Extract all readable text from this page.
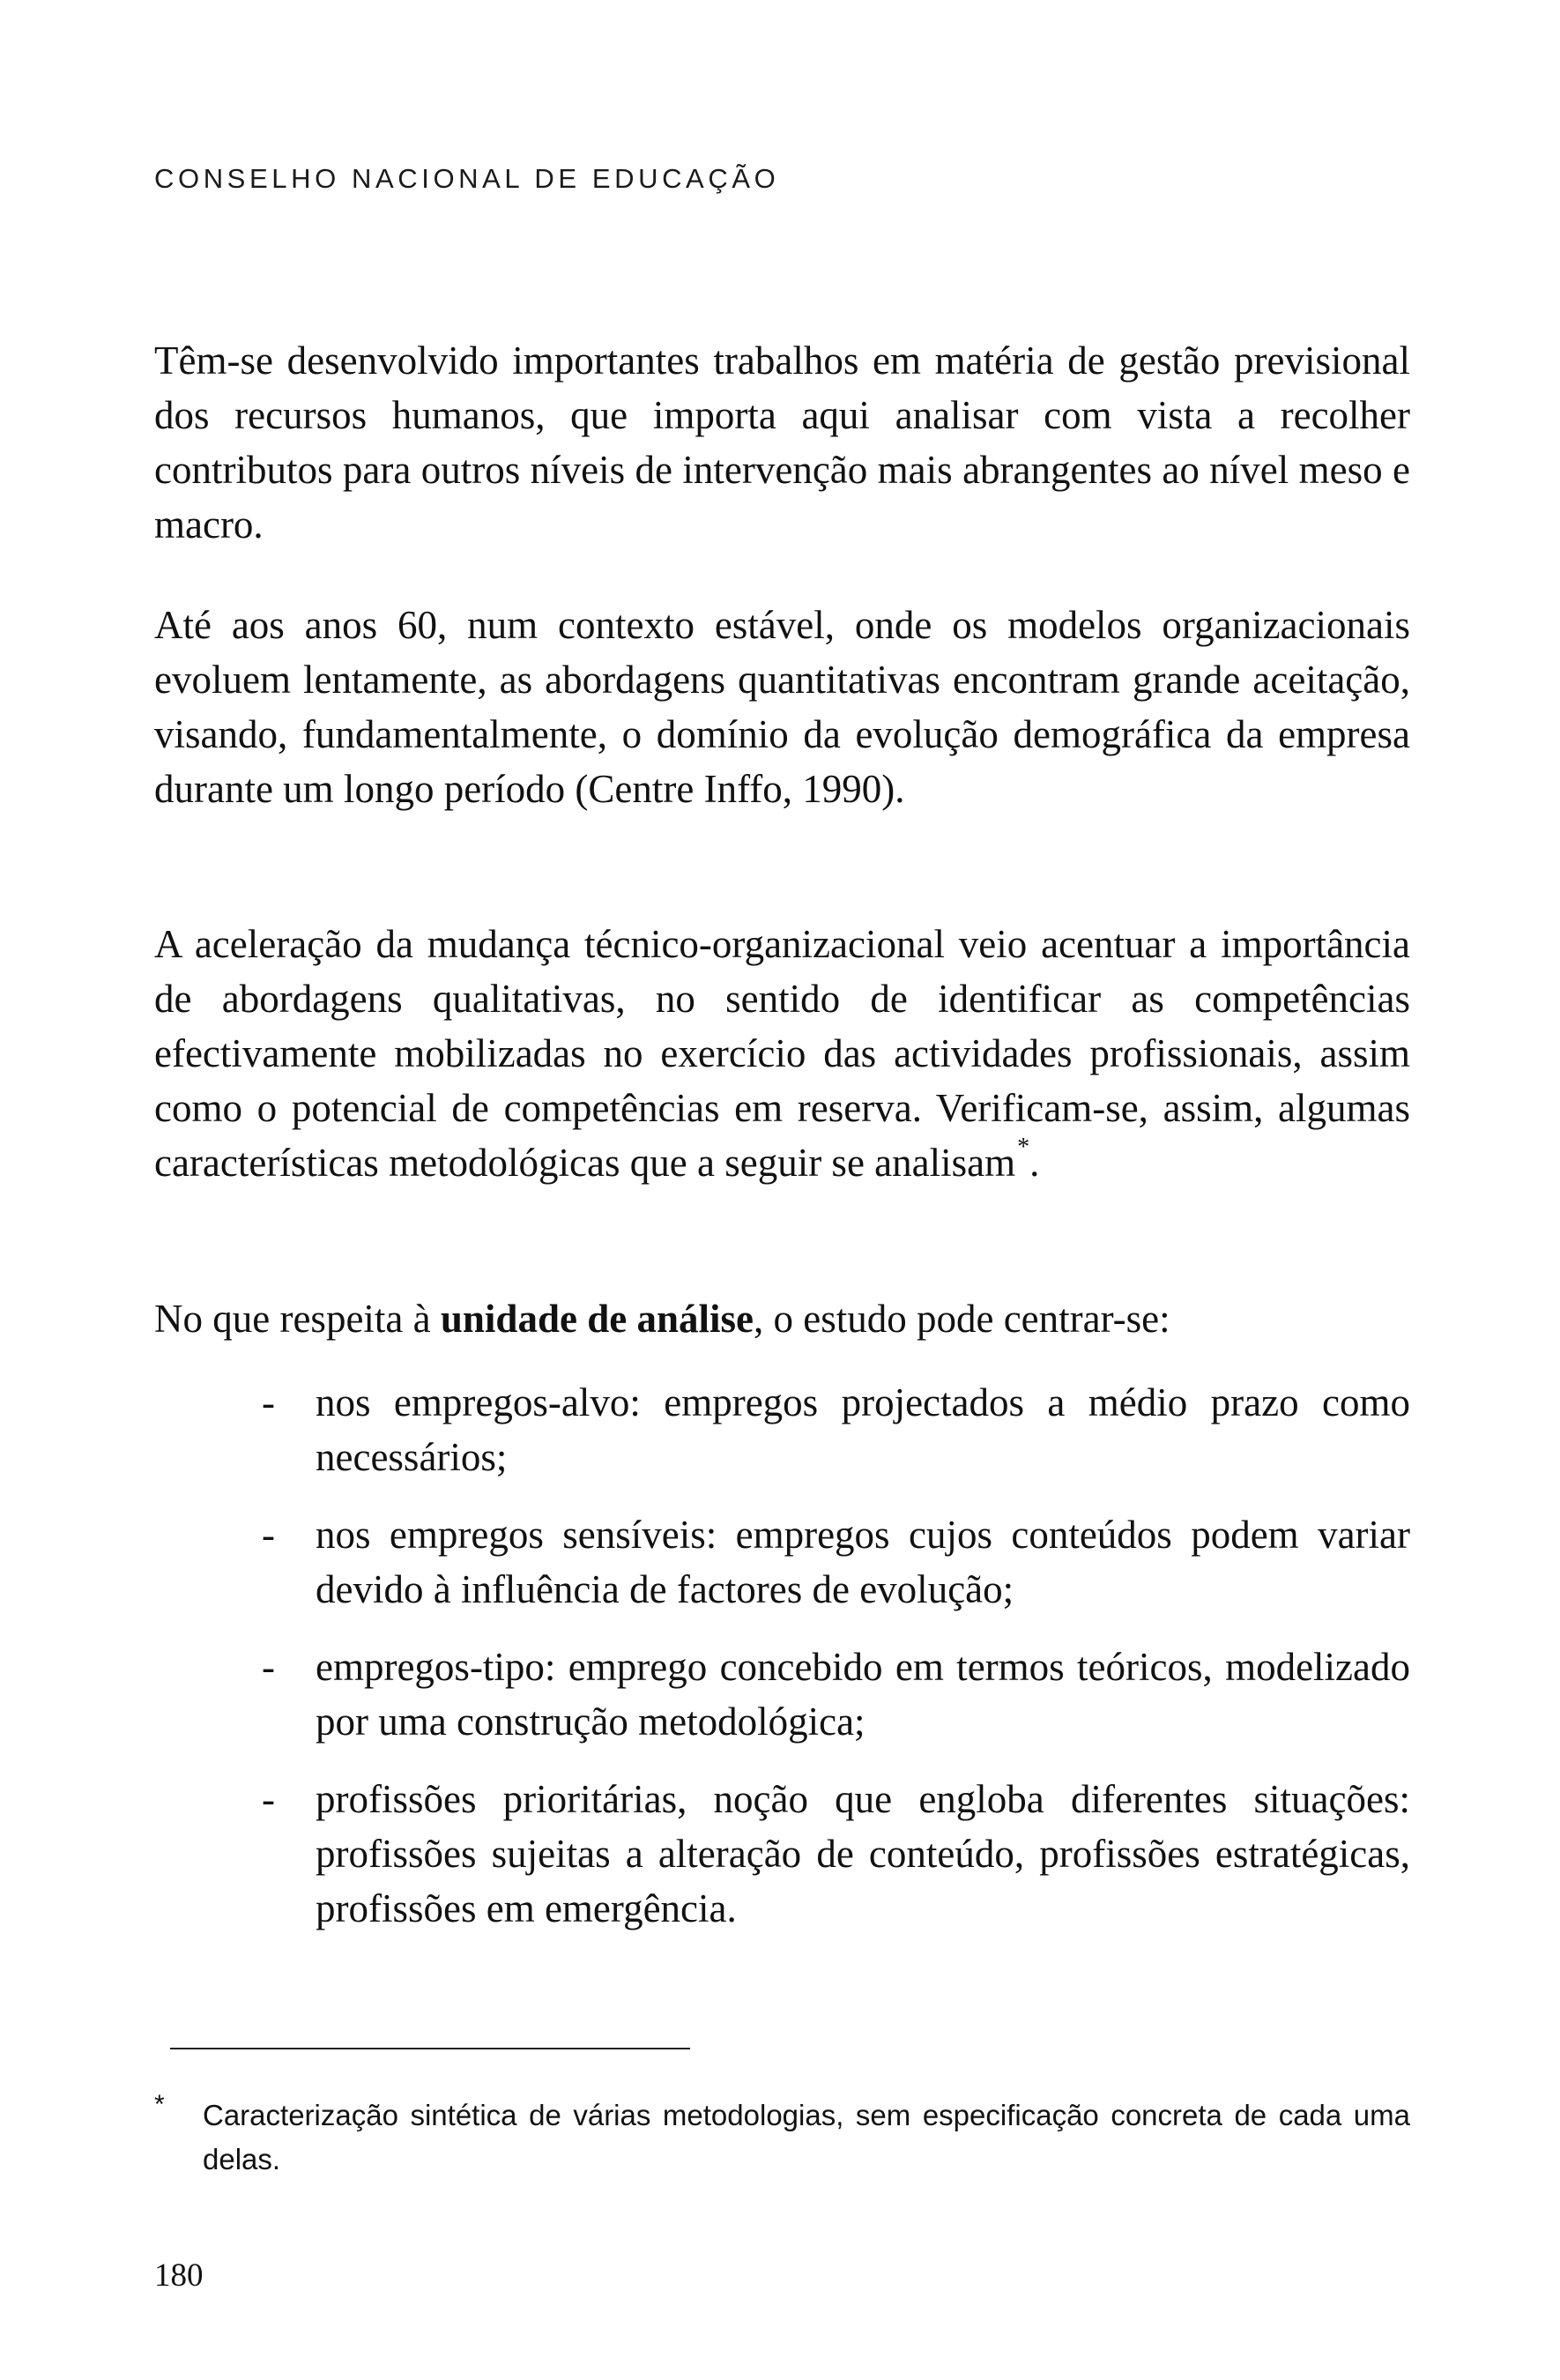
CONSELHO NACIONAL DE EDUCAÇÃO

Têm-se desenvolvido importantes trabalhos em matéria de gestão previsional dos recursos humanos, que importa aqui analisar com vista a recolher contributos para outros níveis de intervenção mais abrangentes ao nível meso e macro.

Até aos anos 60, num contexto estável, onde os modelos organizacionais evoluem lentamente, as abordagens quantitativas encontram grande aceitação, visando, fundamentalmente, o domínio da evolução demográfica da empresa durante um longo período (Centre Inffo, 1990).

A aceleração da mudança técnico-organizacional veio acentuar a importância de abordagens qualitativas, no sentido de identificar as competências efectivamente mobilizadas no exercício das actividades profissionais, assim como o potencial de competências em reserva. Verificam-se, assim, algumas características metodológicas que a seguir se analisam*.

No que respeita à unidade de análise, o estudo pode centrar-se:

- nos empregos-alvo: empregos projectados a médio prazo como necessários;
- nos empregos sensíveis: empregos cujos conteúdos podem variar devido à influência de factores de evolução;
- empregos-tipo: emprego concebido em termos teóricos, modelizado por uma construção metodológica;
- profissões prioritárias, noção que engloba diferentes situações: profissões sujeitas a alteração de conteúdo, profissões estratégicas, profissões em emergência.
* Caracterização sintética de várias metodologias, sem especificação concreta de cada uma delas.
180
